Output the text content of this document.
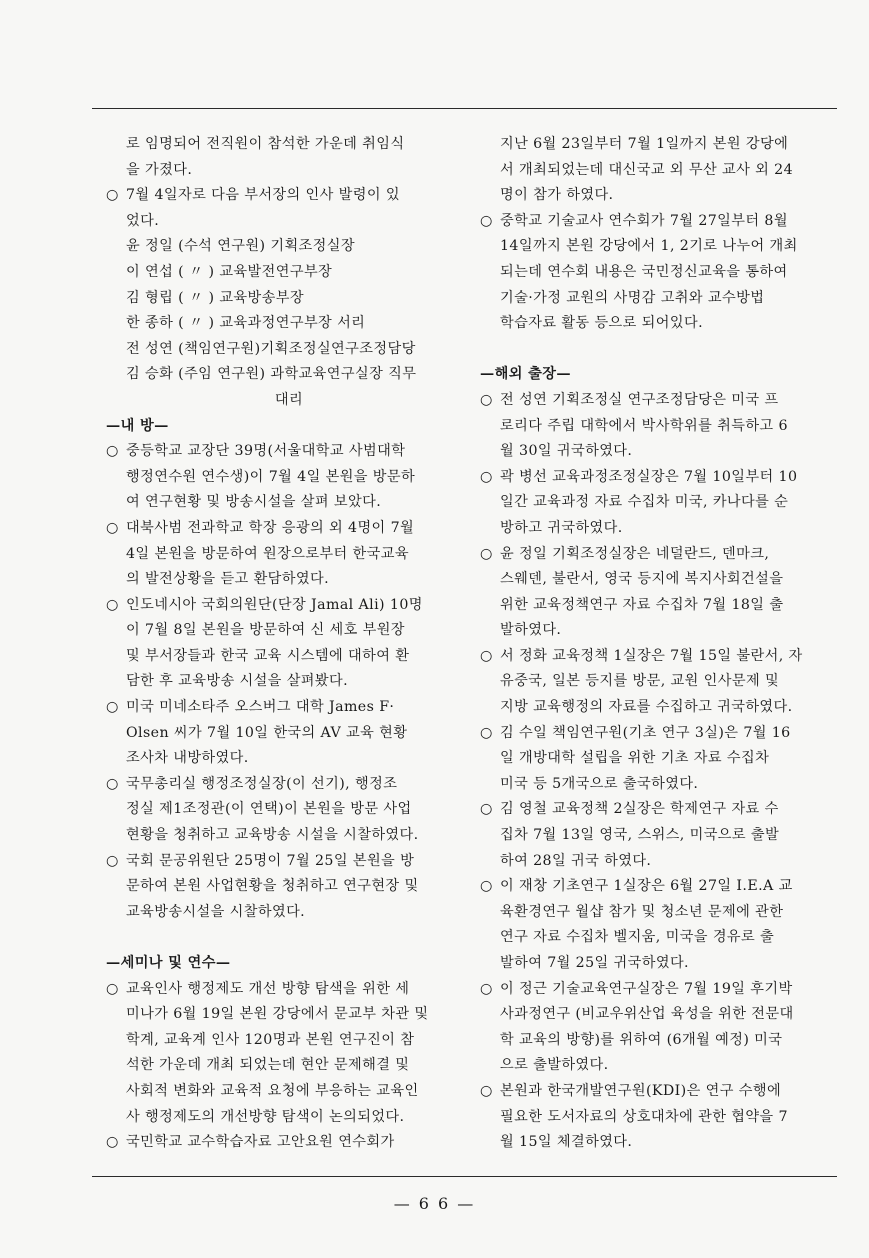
로 임명되어 전직원이 참석한 가운데 취임식
을 가졌다.
○ 7월 4일자로 다음 부서장의 인사 발령이 있
었다.
윤 정일 (수석 연구원) 기획조정실장
이 연섭 ( 〃 ) 교육발전연구부장
김 형립 ( 〃 ) 교육방송부장
한 종하 ( 〃 ) 교육과정연구부장 서리
전 성연 (책임연구원)기획조정실연구조정담당
김 승화 (주임 연구원) 과학교육연구실장 직무
대리
—내 방—
○ 중등학교 교장단 39명(서울대학교 사범대학
행정연수원 연수생)이 7월 4일 본원을 방문하
여 연구현황 및 방송시설을 살펴 보았다.
○ 대북사범 전과학교 학장 응광의 외 4명이 7월
4일 본원을 방문하여 원장으로부터 한국교육
의 발전상황을 듣고 환담하였다.
○ 인도네시아 국회의원단(단장 Jamal Ali) 10명
이 7월 8일 본원을 방문하여 신 세호 부원장
및 부서장들과 한국 교육 시스템에 대하여 환
담한 후 교육방송 시설을 살펴봤다.
○ 미국 미네소타주 오스버그 대학 James F·
Olsen 씨가 7월 10일 한국의 AV 교육 현황
조사차 내방하였다.
○ 국무총리실 행정조정실장(이 선기), 행정조
정실 제1조정관(이 연택)이 본원을 방문 사업
현황을 청취하고 교육방송 시설을 시찰하였다.
○ 국회 문공위원단 25명이 7월 25일 본원을 방
문하여 본원 사업현황을 청취하고 연구현장 및
교육방송시설을 시찰하였다.
—세미나 및 연수—
○ 교육인사 행정제도 개선 방향 탐색을 위한 세
미나가 6월 19일 본원 강당에서 문교부 차관 및
학계, 교육계 인사 120명과 본원 연구진이 참
석한 가운데 개최 되었는데 현안 문제해결 및
사회적 변화와 교육적 요청에 부응하는 교육인
사 행정제도의 개선방향 탐색이 논의되었다.
○ 국민학교 교수학습자료 고안요원 연수회가
지난 6월 23일부터 7월 1일까지 본원 강당에
서 개최되었는데 대신국교 외 무산 교사 외 24
명이 참가 하였다.
○ 중학교 기술교사 연수회가 7월 27일부터 8월
14일까지 본원 강당에서 1, 2기로 나누어 개최
되는데 연수회 내용은 국민정신교육을 통하여
기술·가정 교원의 사명감 고취와 교수방법
학습자료 활동 등으로 되어있다.
—해외 출장—
○ 전 성연 기획조정실 연구조정담당은 미국 프
로리다 주립 대학에서 박사학위를 취득하고 6
월 30일 귀국하였다.
○ 곽 병선 교육과정조정실장은 7월 10일부터 10
일간 교육과정 자료 수집차 미국, 카나다를 순
방하고 귀국하였다.
○ 윤 정일 기획조정실장은 네덜란드, 덴마크,
스웨덴, 불란서, 영국 등지에 복지사회건설을
위한 교육정책연구 자료 수집차 7월 18일 출
발하였다.
○ 서 정화 교육정책 1실장은 7월 15일 불란서, 자
유중국, 일본 등지를 방문, 교원 인사문제 및
지방 교육행정의 자료를 수집하고 귀국하였다.
○ 김 수일 책임연구원(기초 연구 3실)은 7월 16
일 개방대학 설립을 위한 기초 자료 수집차
미국 등 5개국으로 출국하였다.
○ 김 영철 교육정책 2실장은 학제연구 자료 수
집차 7월 13일 영국, 스위스, 미국으로 출발
하여 28일 귀국 하였다.
○ 이 재창 기초연구 1실장은 6월 27일 I.E.A 교
육환경연구 월샵 참가 및 청소년 문제에 관한
연구 자료 수집차 벨지움, 미국을 경유로 출
발하여 7월 25일 귀국하였다.
○ 이 정근 기술교육연구실장은 7월 19일 후기박
사과정연구 (비교우위산업 육성을 위한 전문대
학 교육의 방향)를 위하여 (6개월 예정) 미국
으로 출발하였다.
○ 본원과 한국개발연구원(KDI)은 연구 수행에
필요한 도서자료의 상호대차에 관한 협약을 7
월 15일 체결하였다.
— 6 6 —
